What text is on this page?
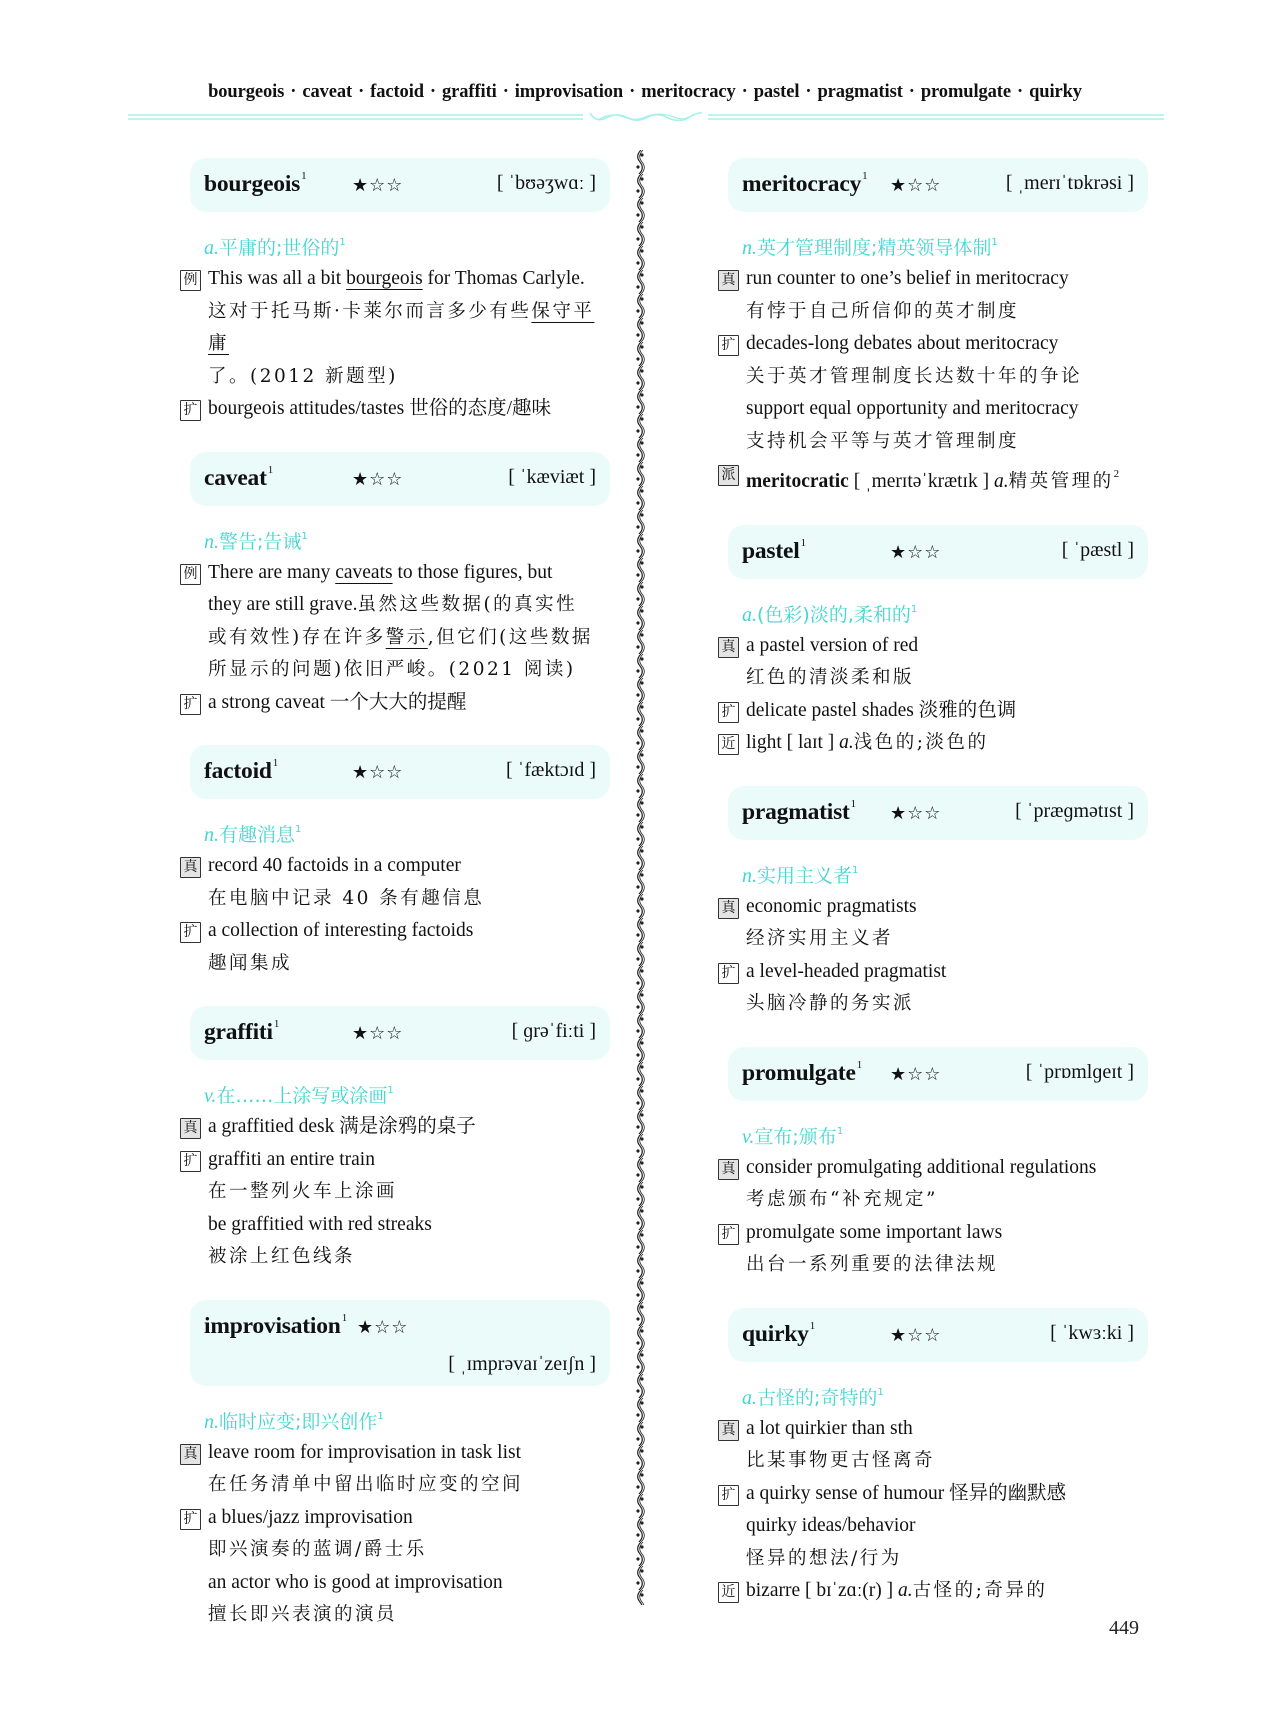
bourgeois · caveat · factoid · graffiti · improvisation · meritocracy · pastel · pragmatist · promulgate · quirky
bourgeois$^1$	★☆☆	[ ˈbʊəʒwɑː ]
a.平庸的;世俗的$^1$
例 This was all a bit bourgeois for Thomas Carlyle.
这对于托马斯·卡莱尔而言多少有些保守平庸
了。(2012 新题型)
扩 bourgeois attitudes/tastes 世俗的态度/趣味
caveat$^1$	★☆☆	[ ˈkæviæt ]
n.警告;告诫$^1$
例 There are many caveats to those figures, but
they are still grave.虽然这些数据(的真实性
或有效性)存在许多警示,但它们(这些数据
所显示的问题)依旧严峻。(2021 阅读)
扩 a strong caveat 一个大大的提醒
factoid$^1$	★☆☆	[ ˈfæktɔɪd ]
n.有趣消息$^1$
真 record 40 factoids in a computer
在电脑中记录 40 条有趣信息
扩 a collection of interesting factoids
趣闻集成
graffiti$^1$	★☆☆	[ ɡrəˈfiːti ]
v.在……上涂写或涂画$^1$
真 a graffitied desk 满是涂鸦的桌子
扩 graffiti an entire train
在一整列火车上涂画
be graffitied with red streaks
被涂上红色线条
improvisation$^1$ ★☆☆
[ ˌɪmprəvaɪˈzeɪʃn ]
n.临时应变;即兴创作$^1$
真 leave room for improvisation in task list
在任务清单中留出临时应变的空间
扩 a blues/jazz improvisation
即兴演奏的蓝调/爵士乐
an actor who is good at improvisation
擅长即兴表演的演员
meritocracy$^1$ ★☆☆	[ ˌmerɪˈtɒkrəsi ]
n.英才管理制度;精英领导体制$^1$
真 run counter to one’s belief in meritocracy
有悖于自己所信仰的英才制度
扩 decades-long debates about meritocracy
关于英才管理制度长达数十年的争论
support equal opportunity and meritocracy
支持机会平等与英才管理制度
派 meritocratic [ ˌmerɪtəˈkrætɪk ] a.精英管理的$^2$
pastel$^1$	★☆☆	[ ˈpæstl ]
a.(色彩)淡的,柔和的$^1$
真 a pastel version of red
红色的清淡柔和版
扩 delicate pastel shades 淡雅的色调
近 light [ laɪt ] a.浅色的;淡色的
pragmatist$^1$ ★☆☆	[ ˈpræɡmətɪst ]
n.实用主义者$^1$
真 economic pragmatists
经济实用主义者
扩 a level-headed pragmatist
头脑冷静的务实派
promulgate$^1$ ★☆☆	[ ˈprɒmlɡeɪt ]
v.宣布;颁布$^1$
真 consider promulgating additional regulations
考虑颁布“补充规定”
扩 promulgate some important laws
出台一系列重要的法律法规
quirky$^1$	★☆☆	[ ˈkwɜːki ]
a.古怪的;奇特的$^1$
真 a lot quirkier than sth
比某事物更古怪离奇
扩 a quirky sense of humour 怪异的幽默感
quirky ideas/behavior
怪异的想法/行为
近 bizarre [ bɪˈzɑː(r) ] a.古怪的;奇异的
449
